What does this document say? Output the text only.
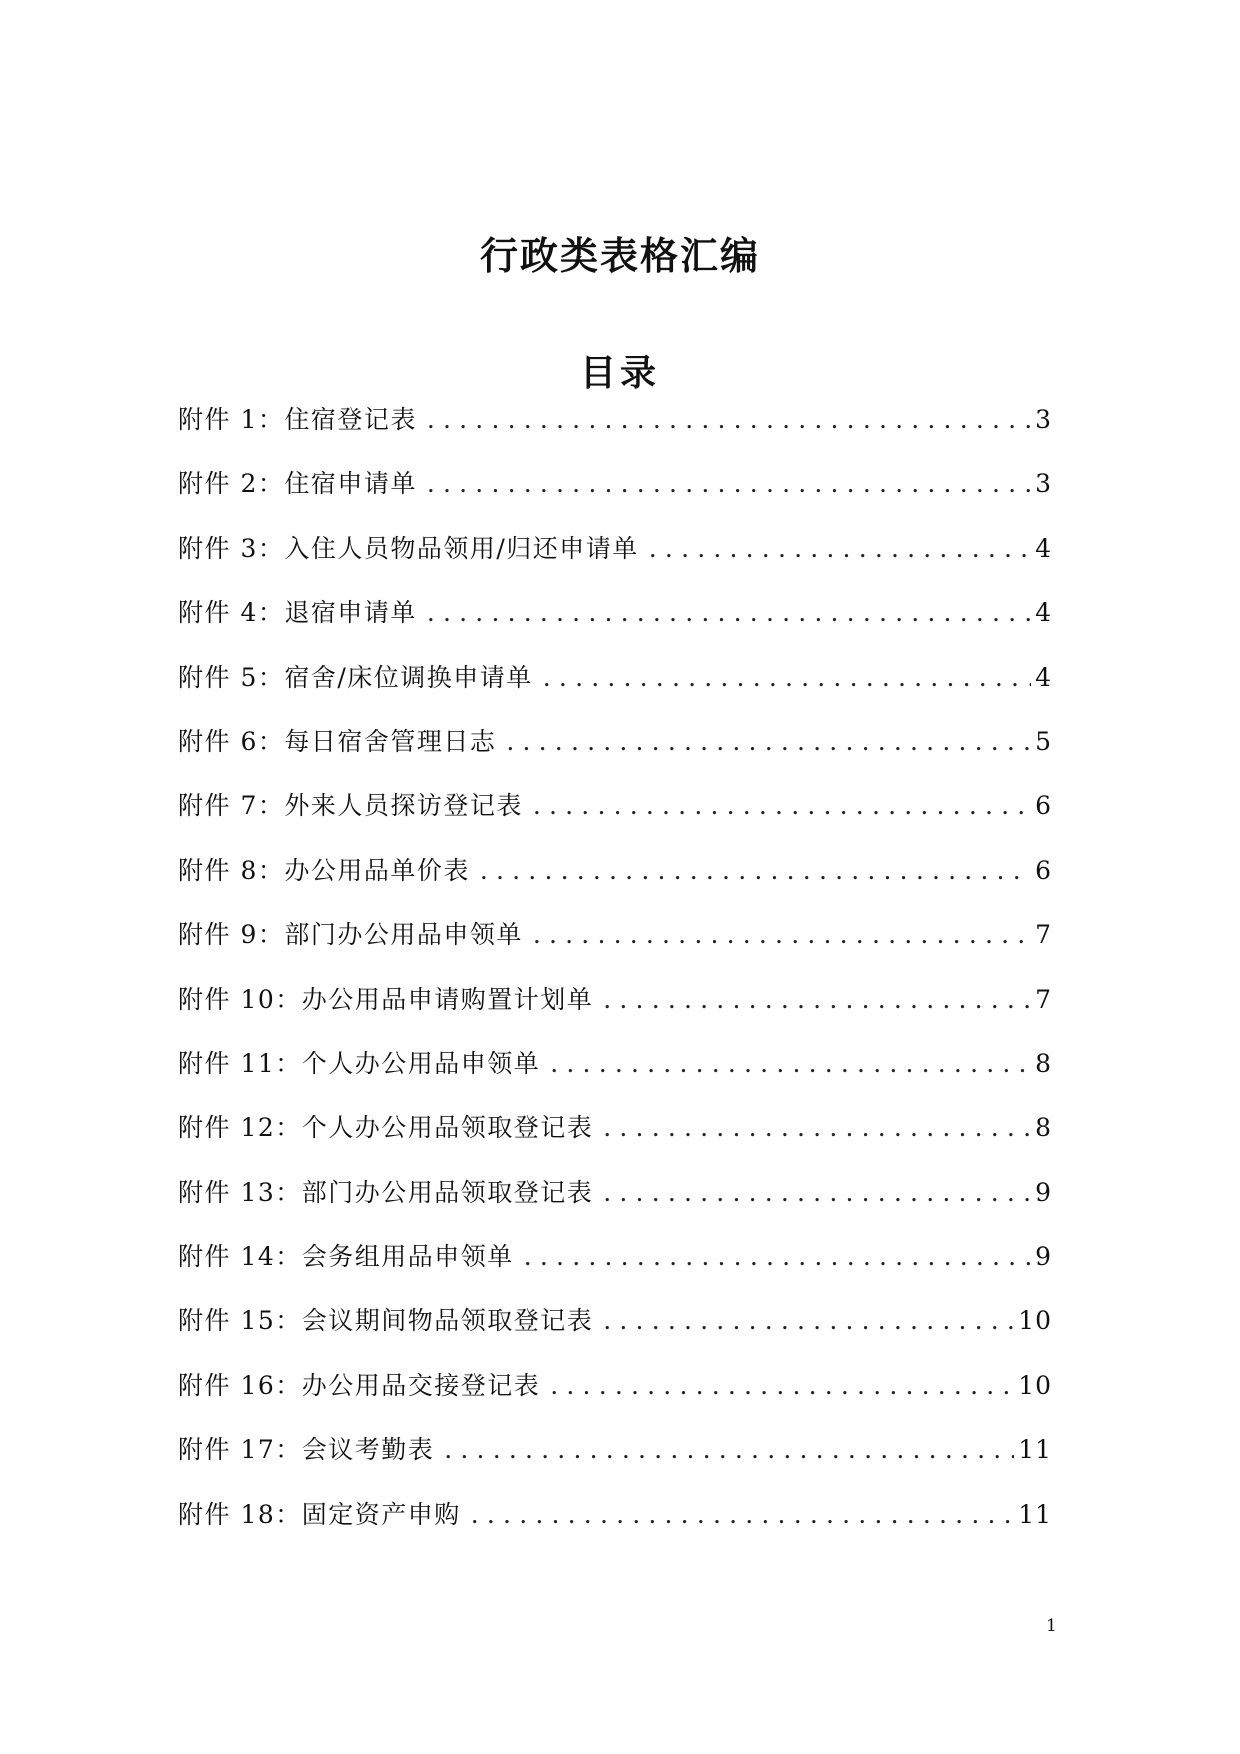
行政类表格汇编
目录
附件 1：住宿登记表 .....	3
附件 2：住宿申请单 .....	3
附件 3：入住人员物品领用/归还申请单 .....	4
附件 4：退宿申请单 .....	4
附件 5：宿舍/床位调换申请单 .....	4
附件 6：每日宿舍管理日志 .....	5
附件 7：外来人员探访登记表 .....	6
附件 8：办公用品单价表 .....	6
附件 9：部门办公用品申领单 .....	7
附件 10：办公用品申请购置计划单 .....	7
附件 11：个人办公用品申领单 .....	8
附件 12：个人办公用品领取登记表 .....	8
附件 13：部门办公用品领取登记表 .....	9
附件 14：会务组用品申领单 .....	9
附件 15：会议期间物品领取登记表 .....	10
附件 16：办公用品交接登记表 .....	10
附件 17：会议考勤表 .....	11
附件 18：固定资产申购 .....	11

1
